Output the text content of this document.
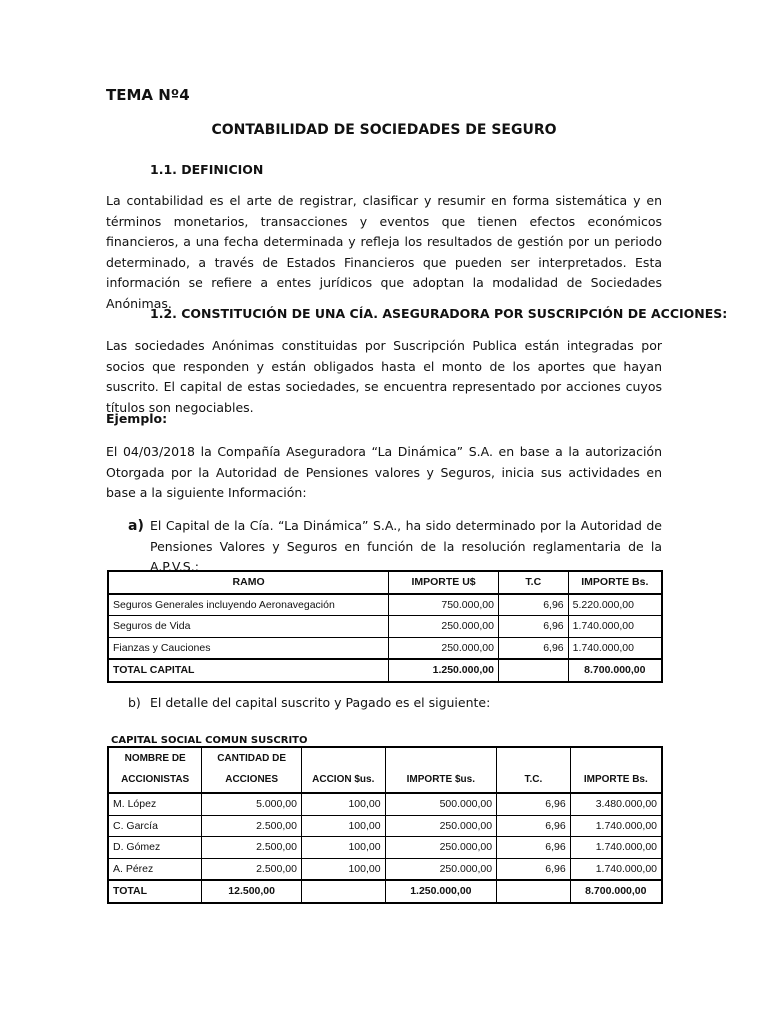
TEMA Nº4
CONTABILIDAD DE SOCIEDADES DE SEGURO
1.1. DEFINICION
La contabilidad es el arte de registrar, clasificar y resumir en forma sistemática y en términos monetarios, transacciones y eventos que tienen efectos económicos financieros, a una fecha determinada y refleja los resultados de gestión por un periodo determinado, a través de Estados Financieros que pueden ser interpretados. Esta información se refiere a entes jurídicos que adoptan la modalidad de Sociedades Anónimas.
1.2. CONSTITUCIÓN DE UNA CÍA. ASEGURADORA POR SUSCRIPCIÓN DE ACCIONES:
Las sociedades Anónimas constituidas por Suscripción Publica están integradas por socios que responden y están obligados hasta el monto de los aportes que hayan suscrito. El capital de estas sociedades, se encuentra representado por acciones cuyos títulos son negociables.
Ejemplo:
El 04/03/2018 la Compañía Aseguradora “La Dinámica” S.A. en base a la autorización Otorgada por la Autoridad de Pensiones valores y Seguros, inicia sus actividades en base a la siguiente Información:
a) El Capital de la Cía. “La Dinámica” S.A., ha sido determinado por la Autoridad de Pensiones Valores y Seguros en función de la resolución reglamentaria de la A.P.V.S.:
RAMO	IMPORTE U$	T.C	IMPORTE Bs.
Seguros Generales incluyendo Aeronavegación	750.000,00	6,96	5.220.000,00
Seguros de Vida	250.000,00	6,96	1.740.000,00
Fianzas y Cauciones	250.000,00	6,96	1.740.000,00
TOTAL CAPITAL	1.250.000,00		8.700.000,00
b) El detalle del capital suscrito y Pagado es el siguiente:
CAPITAL SOCIAL COMUN SUSCRITO
NOMBRE DE ACCIONISTAS	CANTIDAD DE ACCIONES	ACCION $us.	IMPORTE $us.	T.C.	IMPORTE Bs.
M. López	5.000,00	100,00	500.000,00	6,96	3.480.000,00
C. García	2.500,00	100,00	250.000,00	6,96	1.740.000,00
D. Gómez	2.500,00	100,00	250.000,00	6,96	1.740.000,00
A. Pérez	2.500,00	100,00	250.000,00	6,96	1.740.000,00
TOTAL	12.500,00		1.250.000,00		8.700.000,00
